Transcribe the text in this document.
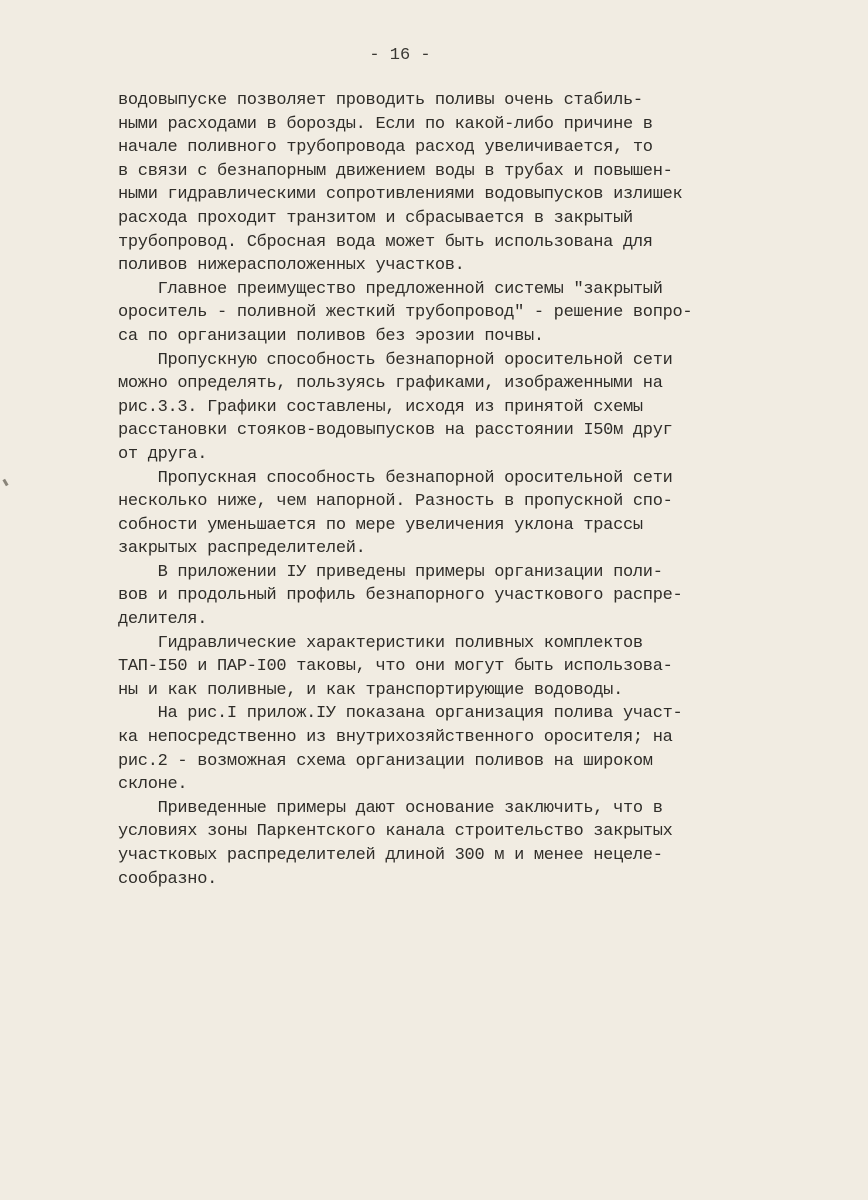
- 16 -
водовыпуске позволяет проводить поливы очень стабиль-
ными расходами в борозды. Если по какой-либо причине в
начале поливного трубопровода расход увеличивается, то
в связи с безнапорным движением воды в трубах и повышен-
ными гидравлическими сопротивлениями водовыпусков излишек
расхода проходит транзитом и сбрасывается в закрытый
трубопровод. Сбросная вода может быть использована для
поливов нижерасположенных участков.
Главное преимущество предложенной системы "закрытый
ороситель - поливной жесткий трубопровод" - решение вопро-
са по организации поливов без эрозии почвы.
Пропускную способность безнапорной оросительной сети
можно определять, пользуясь графиками, изображенными на
рис.3.3. Графики составлены, исходя из принятой схемы
расстановки стояков-водовыпусков на расстоянии I50м друг
от друга.
Пропускная способность безнапорной оросительной сети
несколько ниже, чем напорной. Разность в пропускной спо-
собности уменьшается по мере увеличения уклона трассы
закрытых распределителей.
В приложении IУ приведены примеры организации поли-
вов и продольный профиль безнапорного участкового распре-
делителя.
Гидравлические характеристики поливных комплектов
ТАП-I50 и ПАР-I00 таковы, что они могут быть использова-
ны и как поливные, и как транспортирующие водоводы.
На рис.I прилож.IУ показана организация полива участ-
ка непосредственно из внутрихозяйственного оросителя; на
рис.2 - возможная схема организации поливов на широком
склоне.
Приведенные примеры дают основание заключить, что в
условиях зоны Паркентского канала строительство закрытых
участковых распределителей длиной 300 м и менее нецеле-
сообразно.
